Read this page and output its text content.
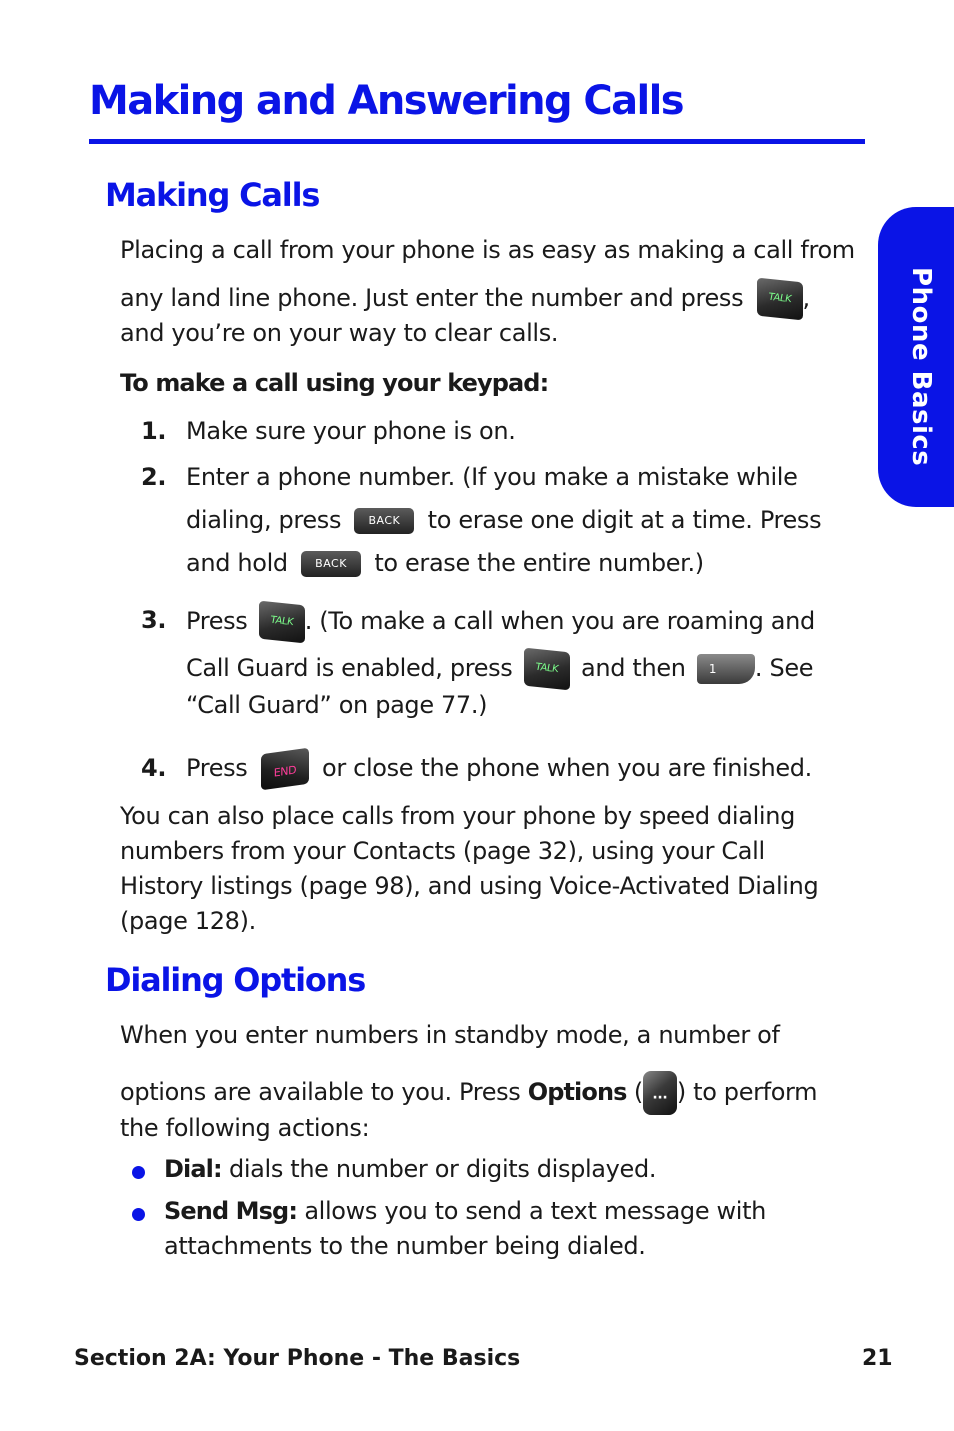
Making and Answering Calls
Phone Basics
Making Calls
Placing a call from your phone is as easy as making a call from
any land line phone. Just enter the number and press TALK ,
and you’re on your way to clear calls.
To make a call using your keypad:
1. Make sure your phone is on.
2. Enter a phone number. (If you make a mistake while
dialing, press BACK to erase one digit at a time. Press
and hold BACK to erase the entire number.)
3. Press TALK . (To make a call when you are roaming and
Call Guard is enabled, press TALK and then 1 . See
“Call Guard” on page 77.)
4. Press END or close the phone when you are finished.
You can also place calls from your phone by speed dialing
numbers from your Contacts (page 32), using your Call
History listings (page 98), and using Voice-Activated Dialing
(page 128).
Dialing Options
When you enter numbers in standby mode, a number of
options are available to you. Press Options ( ··· ) to perform
the following actions:
Dial: dials the number or digits displayed.
Send Msg: allows you to send a text message with
attachments to the number being dialed.
Section 2A: Your Phone - The Basics	21
